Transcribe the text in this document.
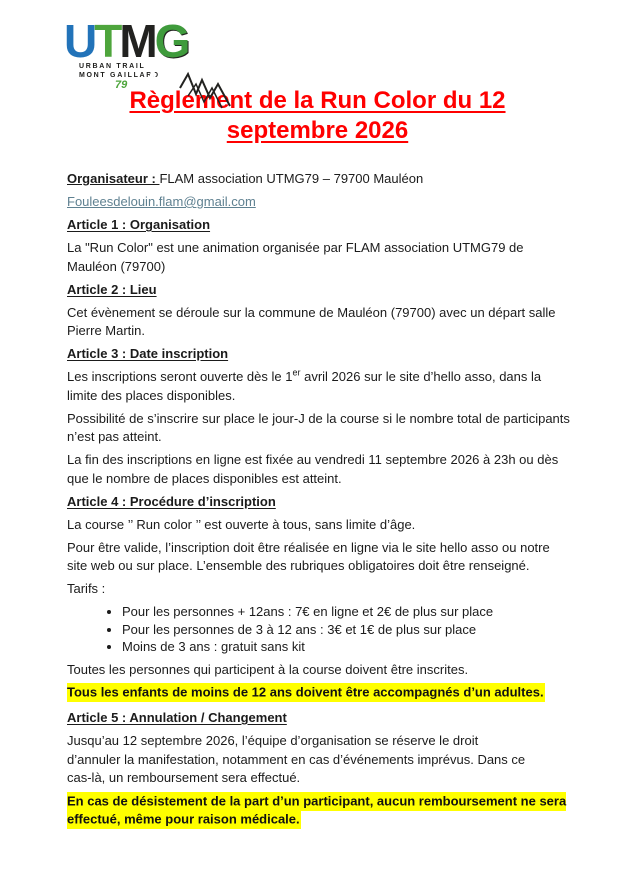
UTMG
URBAN TRAIL
MONT GAILLARD
79
Règlement de la Run Color du 12 septembre 2026

Organisateur : FLAM association UTMG79 – 79700 Mauléon

Fouleesdelouin.flam@gmail.com

Article 1 : Organisation

La "Run Color" est une animation organisée par FLAM association UTMG79 de Mauléon (79700)

Article 2 : Lieu

Cet évènement se déroule sur la commune de Mauléon (79700) avec un départ salle Pierre Martin.

Article 3 : Date inscription

Les inscriptions seront ouverte dès le 1er avril 2026 sur le site d’hello asso, dans la limite des places disponibles.

Possibilité de s’inscrire sur place le jour-J de la course si le nombre total de participants n’est pas atteint.

La fin des inscriptions en ligne est fixée au vendredi 11 septembre 2026 à 23h ou dès que le nombre de places disponibles est atteint.

Article 4 : Procédure d’inscription

La course ’’ Run color ’’ est ouverte à tous, sans limite d’âge.

Pour être valide, l’inscription doit être réalisée en ligne via le site hello asso ou notre site web ou sur place. L’ensemble des rubriques obligatoires doit être renseigné.

Tarifs :

• Pour les personnes + 12ans : 7€ en ligne et 2€ de plus sur place
• Pour les personnes de 3 à 12 ans : 3€ et 1€ de plus sur place
• Moins de 3 ans : gratuit sans kit

Toutes les personnes qui participent à la course doivent être inscrites.

Tous les enfants de moins de 12 ans doivent être accompagnés d’un adultes.

Article 5 : Annulation / Changement

Jusqu’au 12 septembre 2026, l’équipe d’organisation se réserve le droit d’annuler la manifestation, notamment en cas d’événements imprévus. Dans ce cas-là, un remboursement sera effectué.

En cas de désistement de la part d’un participant, aucun remboursement ne sera effectué, même pour raison médicale.
